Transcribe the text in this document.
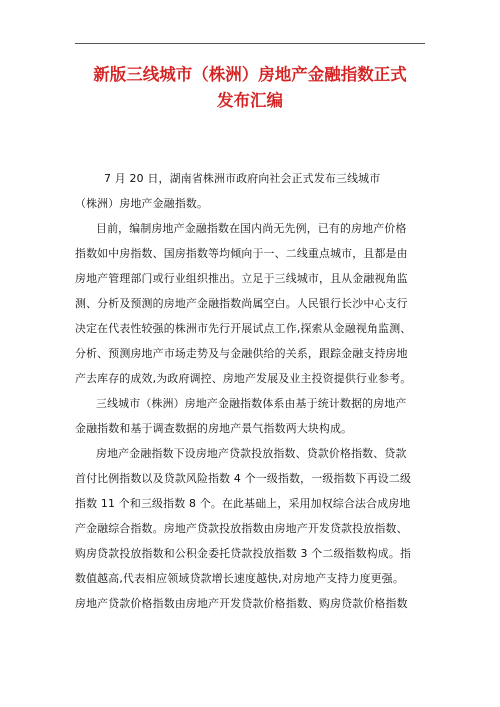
新版三线城市（株洲）房地产金融指数正式
发布汇编
7 月 20 日，湖南省株洲市政府向社会正式发布三线城市
（株洲）房地产金融指数。
目前，编制房地产金融指数在国内尚无先例，已有的房地产价格
指数如中房指数、国房指数等均倾向于一、二线重点城市，且都是由
房地产管理部门或行业组织推出。立足于三线城市，且从金融视角监
测、分析及预测的房地产金融指数尚属空白。人民银行长沙中心支行
决定在代表性较强的株洲市先行开展试点工作,探索从金融视角监测、
分析、预测房地产市场走势及与金融供给的关系，跟踪金融支持房地
产去库存的成效,为政府调控、房地产发展及业主投资提供行业参考。
三线城市（株洲）房地产金融指数体系由基于统计数据的房地产
金融指数和基于调查数据的房地产景气指数两大块构成。
房地产金融指数下设房地产贷款投放指数、贷款价格指数、贷款
首付比例指数以及贷款风险指数 4 个一级指数，一级指数下再设二级
指数 11 个和三级指数 8 个。在此基础上，采用加权综合法合成房地
产金融综合指数。房地产贷款投放指数由房地产开发贷款投放指数、
购房贷款投放指数和公积金委托贷款投放指数 3 个二级指数构成。指
数值越高,代表相应领域贷款增长速度越快,对房地产支持力度更强。
房地产贷款价格指数由房地产开发贷款价格指数、购房贷款价格指数
